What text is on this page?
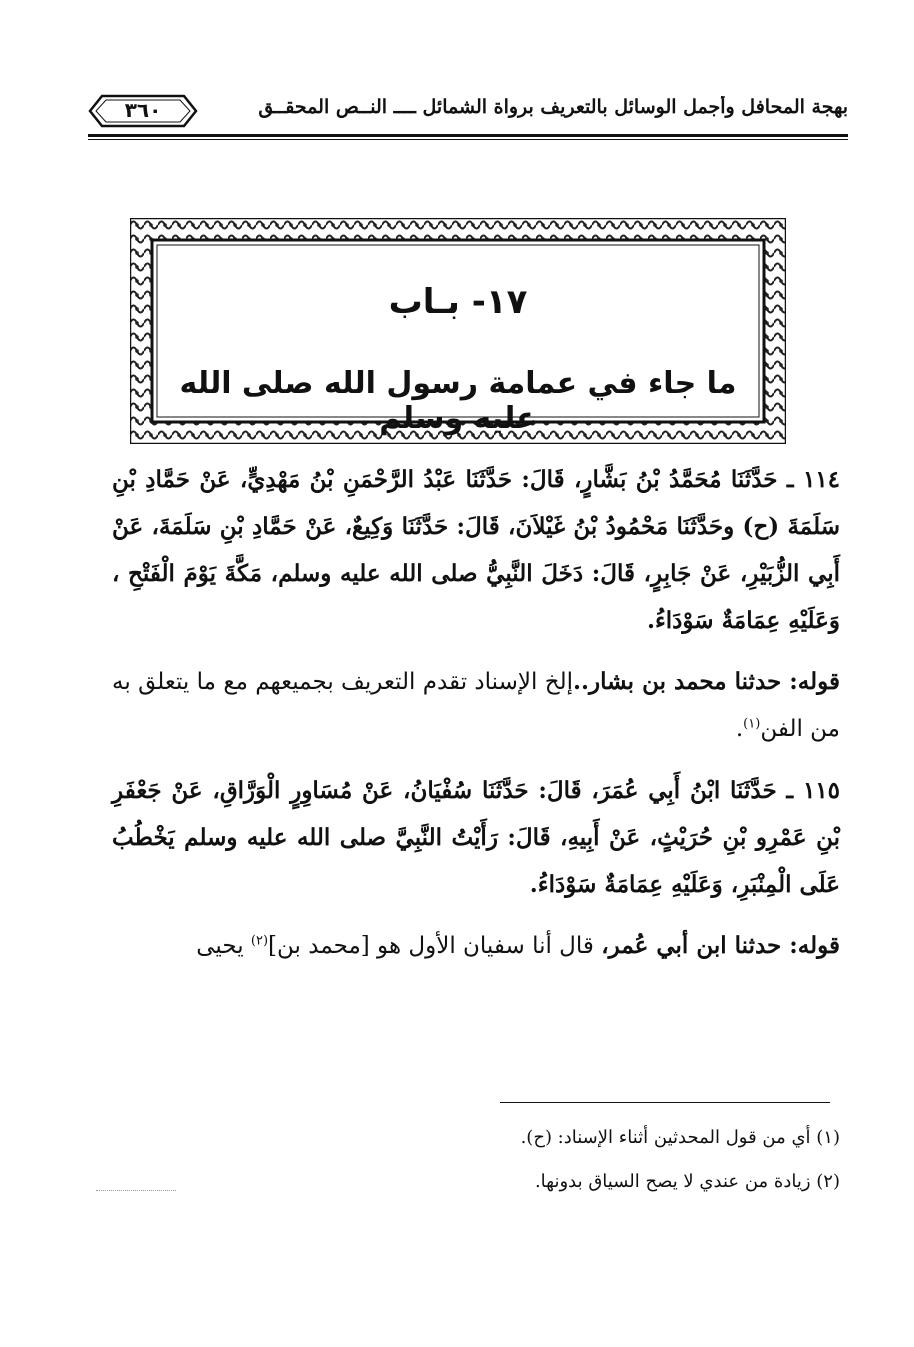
بهجة المحافل وأجمل الوسائل بالتعريف برواة الشمائل ــــ النــص المحقــق
٣٦٠
١٧- بـاب
ما جاء في عمامة رسول الله صلى الله عليه وسلم

١١٤ ـ حَدَّثَنَا مُحَمَّدُ بْنُ بَشَّارٍ، قَالَ: حَدَّثَنَا عَبْدُ الرَّحْمَنِ بْنُ مَهْدِيٍّ، عَنْ حَمَّادِ بْنِ سَلَمَةَ (ح) وحَدَّثَنَا مَحْمُودُ بْنُ غَيْلاَنَ، قَالَ: حَدَّثَنَا وَكِيعٌ، عَنْ حَمَّادِ بْنِ سَلَمَةَ، عَنْ أَبِي الزُّبَيْرِ، عَنْ جَابِرٍ، قَالَ: دَخَلَ النَّبِيُّ صلى الله عليه وسلم، مَكَّةَ يَوْمَ الْفَتْحِ ، وَعَلَيْهِ عِمَامَةٌ سَوْدَاءُ.

قوله: حدثنا محمد بن بشار..إلخ الإسناد تقدم التعريف بجميعهم مع ما يتعلق به من الفن$^{(١)}$.

١١٥ ـ حَدَّثَنَا ابْنُ أَبِي عُمَرَ، قَالَ: حَدَّثَنَا سُفْيَانُ، عَنْ مُسَاوِرٍ الْوَرَّاقِ، عَنْ جَعْفَرِ بْنِ عَمْرِو بْنِ حُرَيْثٍ، عَنْ أَبِيهِ، قَالَ: رَأَيْتُ النَّبِيَّ صلى الله عليه وسلم يَخْطُبُ عَلَى الْمِنْبَرِ، وَعَلَيْهِ عِمَامَةٌ سَوْدَاءُ.

قوله: حدثنا ابن أبي عُمر، قال أنا سفيان الأول هو [محمد بن]$^{(٢)}$ يحيى

(١) أي من قول المحدثين أثناء الإسناد: (ح).

(٢) زيادة من عندي لا يصح السياق بدونها.
